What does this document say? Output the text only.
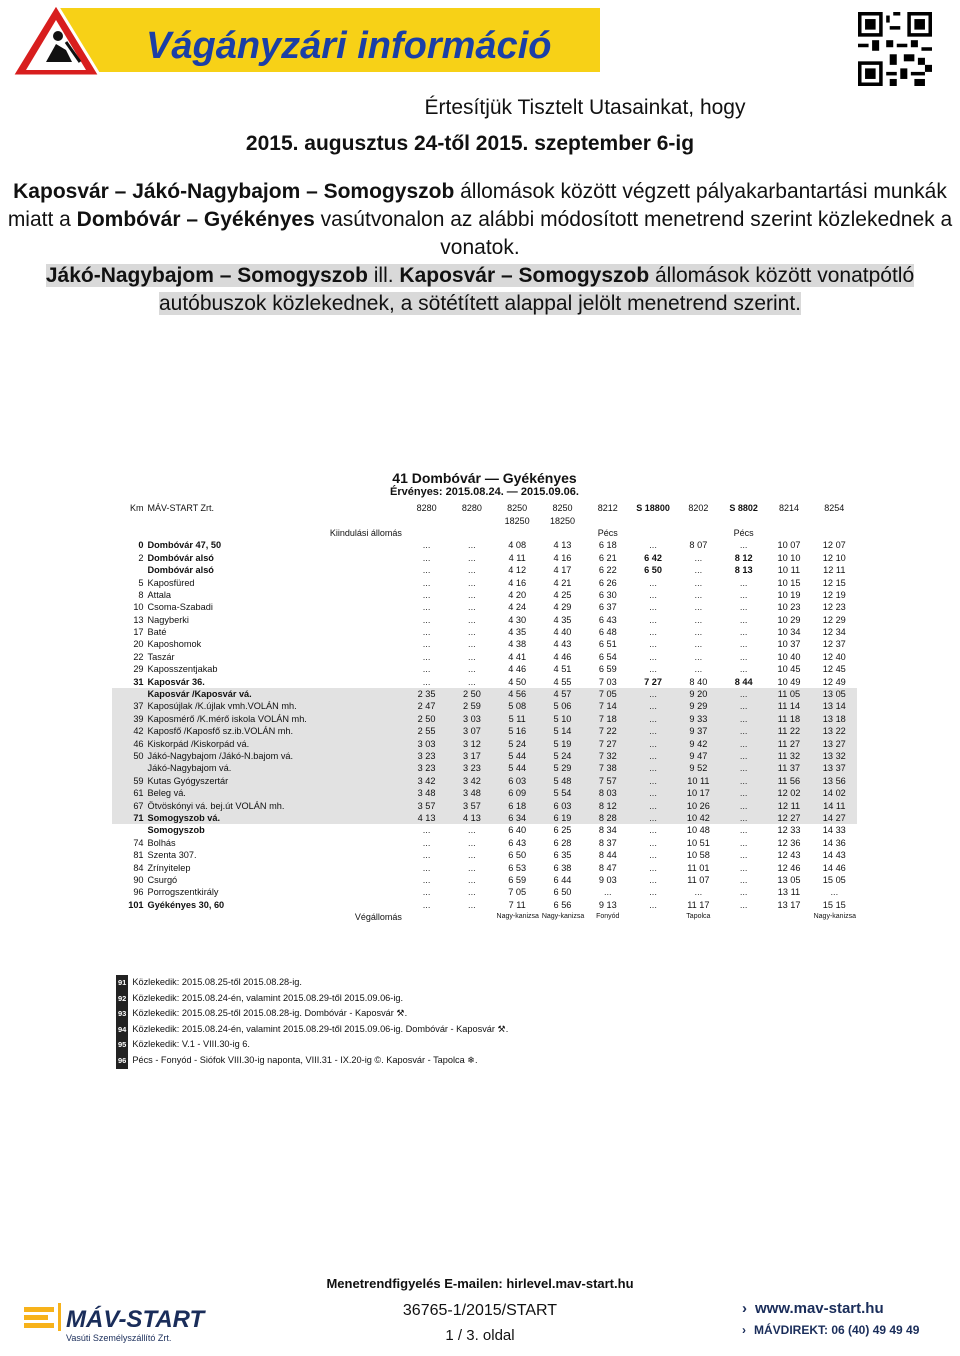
Vágányzári információ
Értesítjük Tisztelt Utasainkat, hogy
2015. augusztus 24-től 2015. szeptember 6-ig
Kaposvár – Jákó-Nagybajom – Somogyszob állomások között végzett pályakarbantartási munkák miatt a Dombóvár – Gyékényes vasútvonalon az alábbi módosított menetrend szerint közlekednek a vonatok.
Jákó-Nagybajom – Somogyszob ill. Kaposvár – Somogyszob állomások között vonatpótló autóbuszok közlekednek, a sötétített alappal jelölt menetrend szerint.
41 Dombóvár — Gyékényes
Érvényes: 2015.08.24. — 2015.09.06.
Km	MÁV-START Zrt.	8280	8280	8250	8250	8212	S 18800	8202	S 8802	8214	8254
				18250	18250						
	Kiindulási állomás					Pécs			Pécs		
0	Dombóvár 47, 50	...	...	4 08	4 13	6 18	...	8 07	...	10 07	12 07
2	Dombóvár alsó	...	...	4 11	4 16	6 21	6 42	...	8 12	10 10	12 10
	Dombóvár alsó	...	...	4 12	4 17	6 22	6 50	...	8 13	10 11	12 11
5	Kaposfüred	...	...	4 16	4 21	6 26	...	...	...	10 15	12 15
8	Attala	...	...	4 20	4 25	6 30	...	...	...	10 19	12 19
10	Csoma-Szabadi	...	...	4 24	4 29	6 37	...	...	...	10 23	12 23
13	Nagyberki	...	...	4 30	4 35	6 43	...	...	...	10 29	12 29
17	Baté	...	...	4 35	4 40	6 48	...	...	...	10 34	12 34
20	Kaposhomok	...	...	4 38	4 43	6 51	...	...	...	10 37	12 37
22	Taszár	...	...	4 41	4 46	6 54	...	...	...	10 40	12 40
29	Kaposszentjakab	...	...	4 46	4 51	6 59	...	...	...	10 45	12 45
31	Kaposvár 36.	...	...	4 50	4 55	7 03	7 27	8 40	8 44	10 49	12 49
	Kaposvár /Kaposvár vá.	2 35	2 50	4 56	4 57	7 05	...	9 20	...	11 05	13 05
37	Kaposújlak /K.újlak vmh.VOLÁN mh.	2 47	2 59	5 08	5 06	7 14	...	9 29	...	11 14	13 14
39	Kaposmérő /K.mérő iskola VOLÁN mh.	2 50	3 03	5 11	5 10	7 18	...	9 33	...	11 18	13 18
42	Kaposfő /Kaposfő sz.ib.VOLÁN mh.	2 55	3 07	5 16	5 14	7 22	...	9 37	...	11 22	13 22
46	Kiskorpád /Kiskorpád vá.	3 03	3 12	5 24	5 19	7 27	...	9 42	...	11 27	13 27
50	Jákó-Nagybajom /Jákó-N.bajom vá.	3 23	3 17	5 44	5 24	7 32	...	9 47	...	11 32	13 32
	Jákó-Nagybajom vá.	3 23	3 23	5 44	5 29	7 38	...	9 52	...	11 37	13 37
59	Kutas Gyógyszertár	3 42	3 42	6 03	5 48	7 57	...	10 11	...	11 56	13 56
61	Beleg vá.	3 48	3 48	6 09	5 54	8 03	...	10 17	...	12 02	14 02
67	Ötvöskónyi vá. bej.út VOLÁN mh.	3 57	3 57	6 18	6 03	8 12	...	10 26	...	12 11	14 11
71	Somogyszob vá.	4 13	4 13	6 34	6 19	8 28	...	10 42	...	12 27	14 27
	Somogyszob	...	...	6 40	6 25	8 34	...	10 48	...	12 33	14 33
74	Bolhás	...	...	6 43	6 28	8 37	...	10 51	...	12 36	14 36
81	Szenta 307.	...	...	6 50	6 35	8 44	...	10 58	...	12 43	14 43
84	Zrínyitelep	...	...	6 53	6 38	8 47	...	11 01	...	12 46	14 46
90	Csurgó	...	...	6 59	6 44	9 03	...	11 07	...	13 05	15 05
96	Porrogszentkirály	...	...	7 05	6 50	...	...	...	...	13 11	...
101	Gyékényes 30, 60	...	...	7 11	6 56	9 13	...	11 17	...	13 17	15 15
	Végállomás			Nagy-kanizsa	Nagy-kanizsa	Fonyód		Tapolca			Nagy-kanizsa
91 Közlekedik: 2015.08.25-től 2015.08.28-ig.
92 Közlekedik: 2015.08.24-én, valamint 2015.08.29-től 2015.09.06-ig.
93 Közlekedik: 2015.08.25-től 2015.08.28-ig. Dombóvár - Kaposvár ⚒.
94 Közlekedik: 2015.08.24-én, valamint 2015.08.29-től 2015.09.06-ig. Dombóvár - Kaposvár ⚒.
95 Közlekedik: V.1 - VIII.30-ig 6.
96 Pécs - Fonyód - Siófok VIII.30-ig naponta, VIII.31 - IX.20-ig ©. Kaposvár - Tapolca ❄.
Menetrendfigyelés E-mailen: hirlevel.mav-start.hu
MÁV-START
Vasúti Személyszállító Zrt.
36765-1/2015/START
1 / 3. oldal
› www.mav-start.hu
› MÁVDIREKT: 06 (40) 49 49 49
